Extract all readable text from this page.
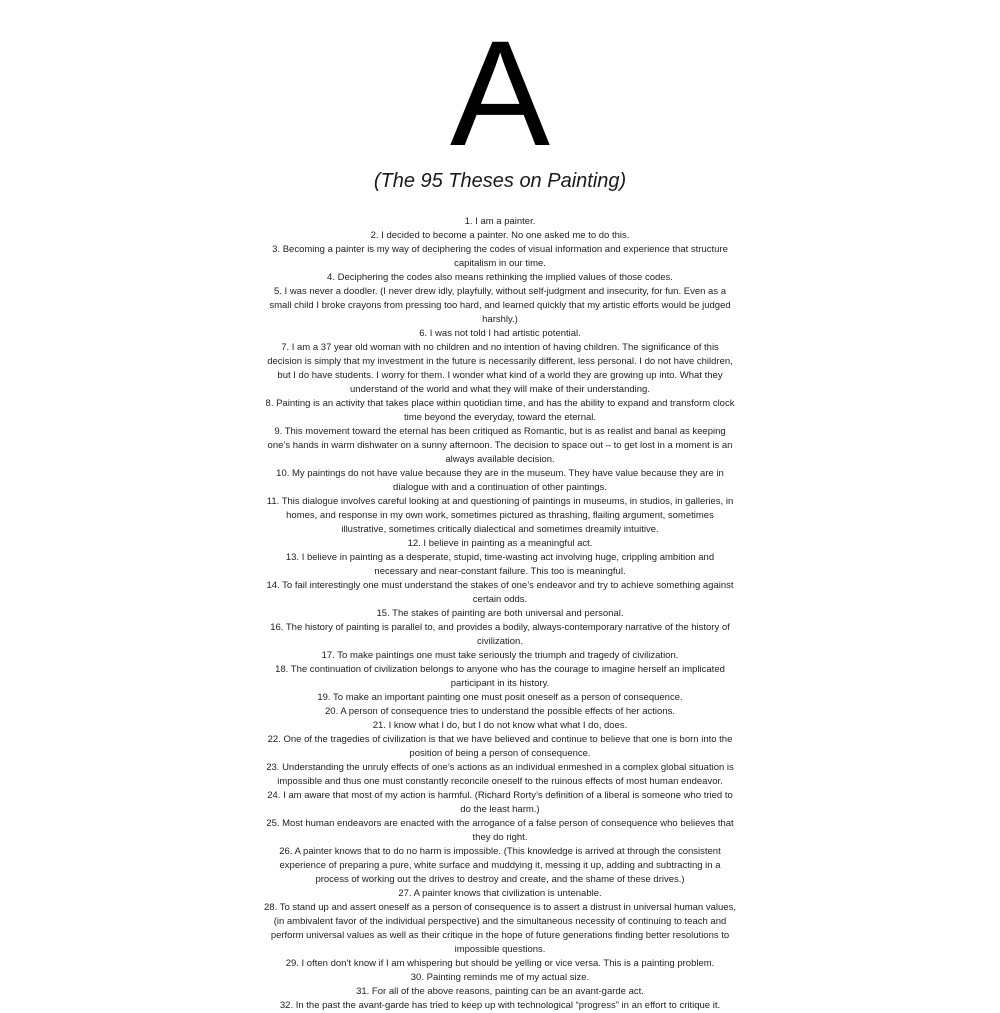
A
(The 95 Theses on Painting)
1. I am a painter.
2. I decided to become a painter. No one asked me to do this.
3. Becoming a painter is my way of deciphering the codes of visual information and experience that structure capitalism in our time.
4. Deciphering the codes also means rethinking the implied values of those codes.
5. I was never a doodler. (I never drew idly, playfully, without self-judgment and insecurity, for fun. Even as a small child I broke crayons from pressing too hard, and learned quickly that my artistic efforts would be judged harshly.)
6. I was not told I had artistic potential.
7. I am a 37 year old woman with no children and no intention of having children. The significance of this decision is simply that my investment in the future is necessarily different, less personal. I do not have children, but I do have students. I worry for them. I wonder what kind of a world they are growing up into. What they understand of the world and what they will make of their understanding.
8. Painting is an activity that takes place within quotidian time, and has the ability to expand and transform clock time beyond the everyday, toward the eternal.
9. This movement toward the eternal has been critiqued as Romantic, but is as realist and banal as keeping one’s hands in warm dishwater on a sunny afternoon. The decision to space out – to get lost in a moment is an always available decision.
10. My paintings do not have value because they are in the museum. They have value because they are in dialogue with and a continuation of other paintings.
11. This dialogue involves careful looking at and questioning of paintings in museums, in studios, in galleries, in homes, and response in my own work, sometimes pictured as thrashing, flailing argument, sometimes illustrative, sometimes critically dialectical and sometimes dreamily intuitive.
12. I believe in painting as a meaningful act.
13. I believe in painting as a desperate, stupid, time-wasting act involving huge, crippling ambition and necessary and near-constant failure. This too is meaningful.
14. To fail interestingly one must understand the stakes of one’s endeavor and try to achieve something against certain odds.
15. The stakes of painting are both universal and personal.
16. The history of painting is parallel to, and provides a bodily, always-contemporary narrative of the history of civilization.
17. To make paintings one must take seriously the triumph and tragedy of civilization.
18. The continuation of civilization belongs to anyone who has the courage to imagine herself an implicated participant in its history.
19. To make an important painting one must posit oneself as a person of consequence.
20. A person of consequence tries to understand the possible effects of her actions.
21. I know what I do, but I do not know what what I do, does.
22. One of the tragedies of civilization is that we have believed and continue to believe that one is born into the position of being a person of consequence.
23. Understanding the unruly effects of one’s actions as an individual enmeshed in a complex global situation is impossible and thus one must constantly reconcile oneself to the ruinous effects of most human endeavor.
24. I am aware that most of my action is harmful. (Richard Rorty’s definition of a liberal is someone who tried to do the least harm.)
25. Most human endeavors are enacted with the arrogance of a false person of consequence who believes that they do right.
26. A painter knows that to do no harm is impossible. (This knowledge is arrived at through the consistent experience of preparing a pure, white surface and muddying it, messing it up, adding and subtracting in a process of working out the drives to destroy and create, and the shame of these drives.)
27. A painter knows that civilization is untenable.
28. To stand up and assert oneself as a person of consequence is to assert a distrust in universal human values, (in ambivalent favor of the individual perspective) and the simultaneous necessity of continuing to teach and perform universal values as well as their critique in the hope of future generations finding better resolutions to impossible questions.
29. I often don’t know if I am whispering but should be yelling or vice versa. This is a painting problem.
30. Painting reminds me of my actual size.
31. For all of the above reasons, painting can be an avant-garde act.
32. In the past the avant-garde has tried to keep up with technological “progress” in an effort to critique it.
